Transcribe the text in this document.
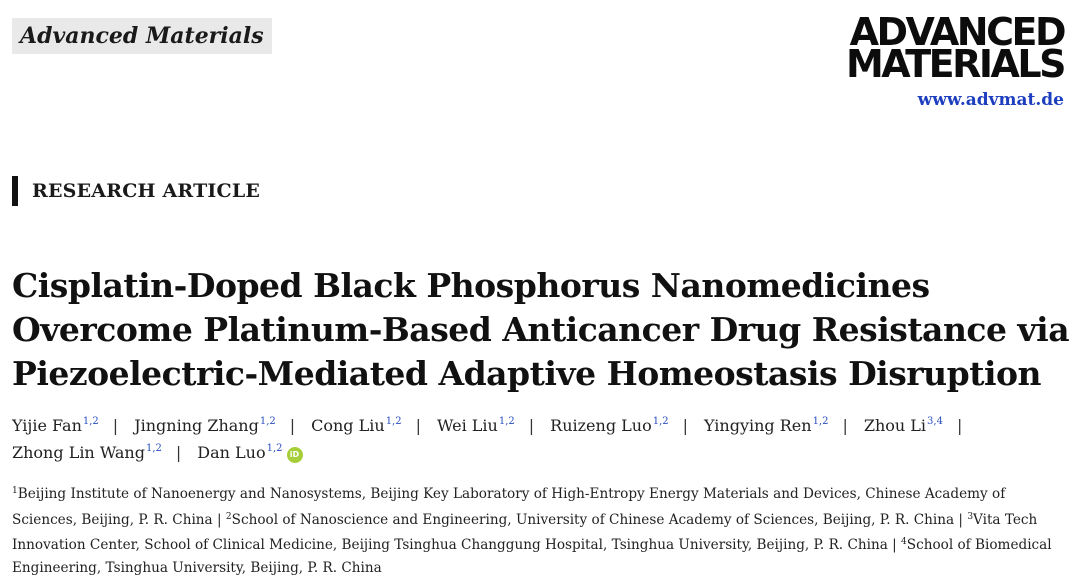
Advanced Materials	ADVANCED
MATERIALS
www.advmat.de
RESEARCH ARTICLE
Cisplatin-Doped Black Phosphorus Nanomedicines
Overcome Platinum-Based Anticancer Drug Resistance via
Piezoelectric-Mediated Adaptive Homeostasis Disruption
Yijie Fan$^{1,2}$ | Jingning Zhang$^{1,2}$ | Cong Liu$^{1,2}$ | Wei Liu$^{1,2}$ | Ruizeng Luo$^{1,2}$ | Yingying Ren$^{1,2}$ | Zhou Li$^{3,4}$ |
Zhong Lin Wang$^{1,2}$ | Dan Luo$^{1,2}$iD
$^1$Beijing Institute of Nanoenergy and Nanosystems, Beijing Key Laboratory of High-Entropy Energy Materials and Devices, Chinese Academy of Sciences, Beijing, P. R. China | $^2$School of Nanoscience and Engineering, University of Chinese Academy of Sciences, Beijing, P. R. China | $^3$Vita Tech Innovation Center, School of Clinical Medicine, Beijing Tsinghua Changgung Hospital, Tsinghua University, Beijing, P. R. China | $^4$School of Biomedical Engineering, Tsinghua University, Beijing, P. R. China
